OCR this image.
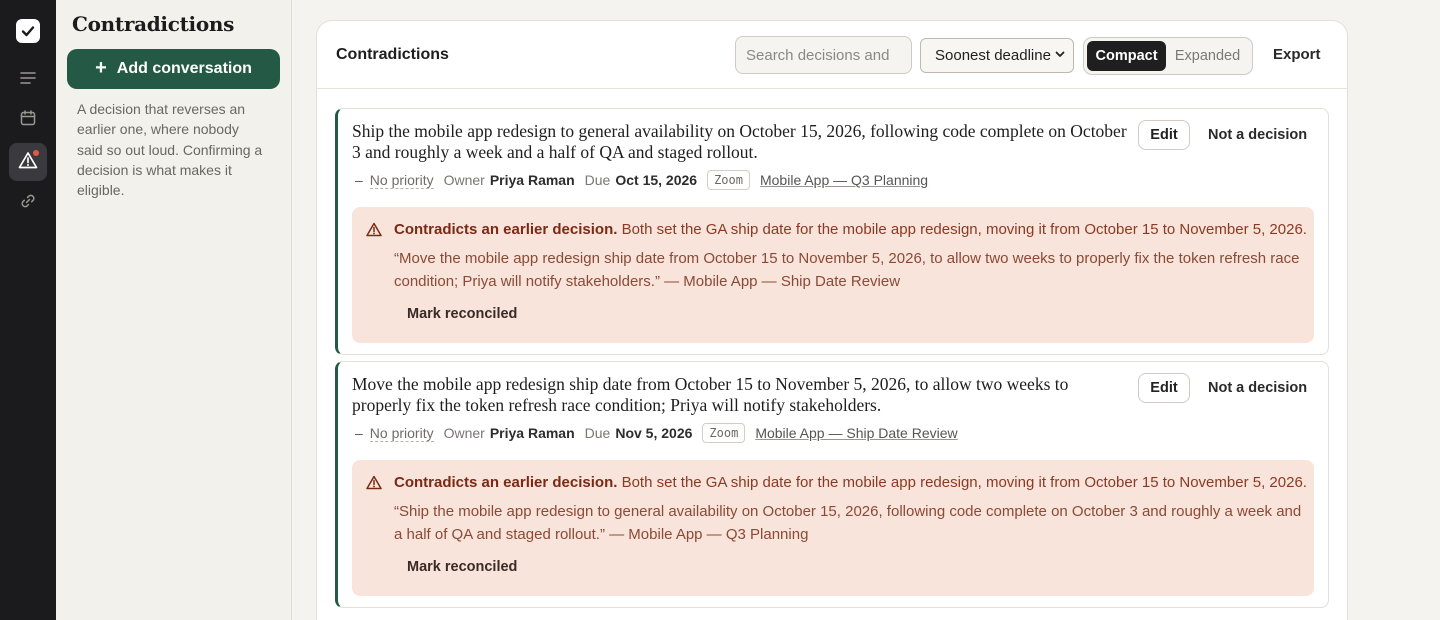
Contradictions
+ Add conversation

A decision that reverses an earlier one, where nobody said so out loud. Confirming a decision is what makes it eligible.

Contradictions
Search decisions and	Soonest deadline	Compact	Expanded	Export

Ship the mobile app redesign to general availability on October 15, 2026, following code complete on October 3 and roughly a week and a half of QA and staged rollout.

Edit	Not a decision
– No priority Owner Priya Raman Due Oct 15, 2026	Zoom	Mobile App — Q3 Planning

Contradicts an earlier decision. Both set the GA ship date for the mobile app redesign, moving it from October 15 to November 5, 2026.

“Move the mobile app redesign ship date from October 15 to November 5, 2026, to allow two weeks to properly fix the token refresh race condition; Priya will notify stakeholders.” — Mobile App — Ship Date Review

Mark reconciled

Move the mobile app redesign ship date from October 15 to November 5, 2026, to allow two weeks to properly fix the token refresh race condition; Priya will notify stakeholders.

Edit	Not a decision
– No priority Owner Priya Raman Due Nov 5, 2026	Zoom	Mobile App — Ship Date Review

Contradicts an earlier decision. Both set the GA ship date for the mobile app redesign, moving it from October 15 to November 5, 2026.

“Ship the mobile app redesign to general availability on October 15, 2026, following code complete on October 3 and roughly a week and a half of QA and staged rollout.” — Mobile App — Q3 Planning

Mark reconciled
